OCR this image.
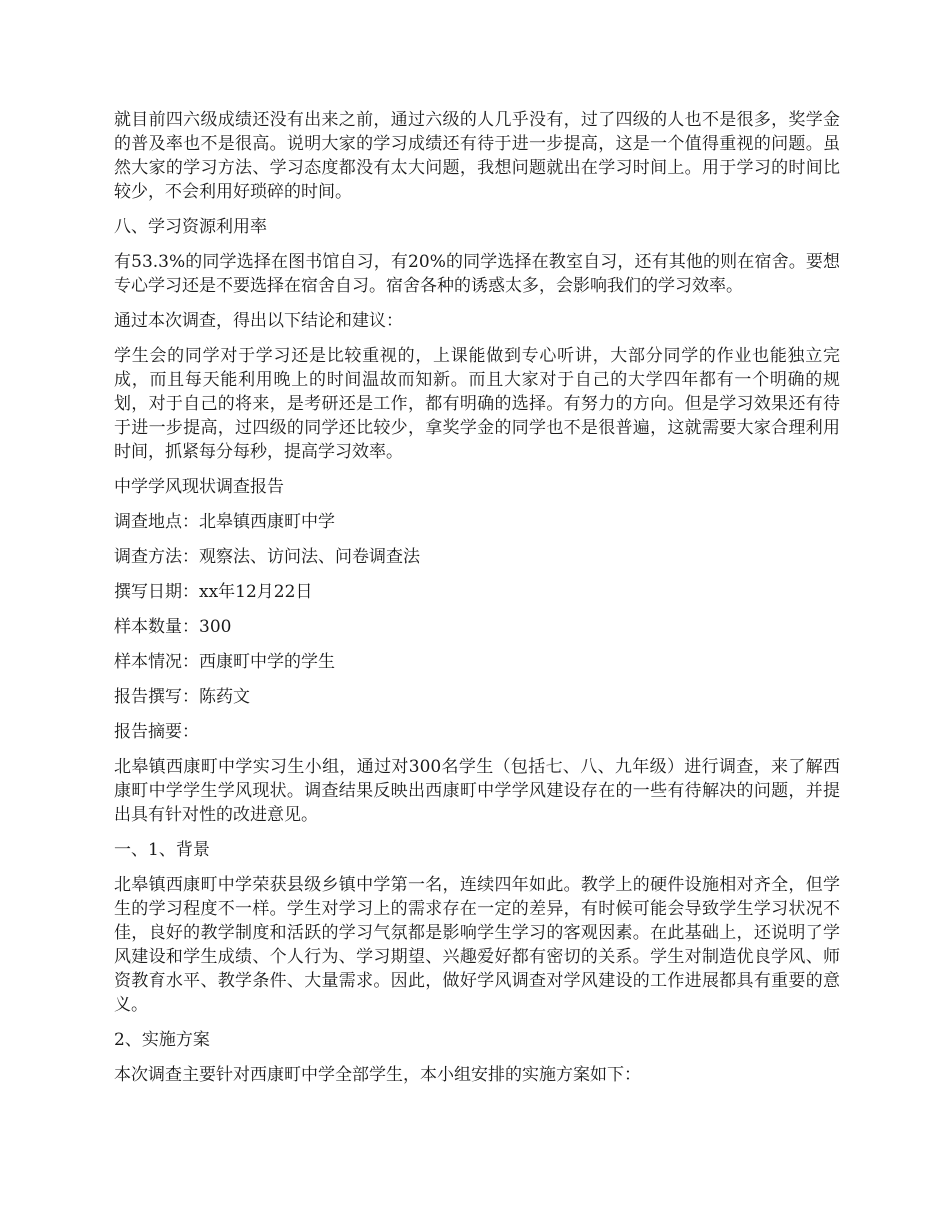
就目前四六级成绩还没有出来之前，通过六级的人几乎没有，过了四级的人也不是很多，奖学金的普及率也不是很高。说明大家的学习成绩还有待于进一步提高，这是一个值得重视的问题。虽然大家的学习方法、学习态度都没有太大问题，我想问题就出在学习时间上。用于学习的时间比较少，不会利用好琐碎的时间。

八、学习资源利用率

有53.3%的同学选择在图书馆自习，有20%的同学选择在教室自习，还有其他的则在宿舍。要想专心学习还是不要选择在宿舍自习。宿舍各种的诱惑太多，会影响我们的学习效率。

通过本次调查，得出以下结论和建议：

学生会的同学对于学习还是比较重视的，上课能做到专心听讲，大部分同学的作业也能独立完成，而且每天能利用晚上的时间温故而知新。而且大家对于自己的大学四年都有一个明确的规划，对于自己的将来，是考研还是工作，都有明确的选择。有努力的方向。但是学习效果还有待于进一步提高，过四级的同学还比较少，拿奖学金的同学也不是很普遍，这就需要大家合理利用时间，抓紧每分每秒，提高学习效率。

中学学风现状调查报告

调查地点：北皋镇西康町中学

调查方法：观察法、访问法、问卷调查法

撰写日期：xx年12月22日

样本数量：300

样本情况：西康町中学的学生

报告撰写：陈药文

报告摘要：

北皋镇西康町中学实习生小组，通过对300名学生（包括七、八、九年级）进行调查，来了解西康町中学学生学风现状。调查结果反映出西康町中学学风建设存在的一些有待解决的问题，并提出具有针对性的改进意见。

一、1、背景

北皋镇西康町中学荣获县级乡镇中学第一名，连续四年如此。教学上的硬件设施相对齐全，但学生的学习程度不一样。学生对学习上的需求存在一定的差异，有时候可能会导致学生学习状况不佳，良好的教学制度和活跃的学习气氛都是影响学生学习的客观因素。在此基础上，还说明了学风建设和学生成绩、个人行为、学习期望、兴趣爱好都有密切的关系。学生对制造优良学风、师资教育水平、教学条件、大量需求。因此，做好学风调查对学风建设的工作进展都具有重要的意义。

2、实施方案

本次调查主要针对西康町中学全部学生，本小组安排的实施方案如下：
